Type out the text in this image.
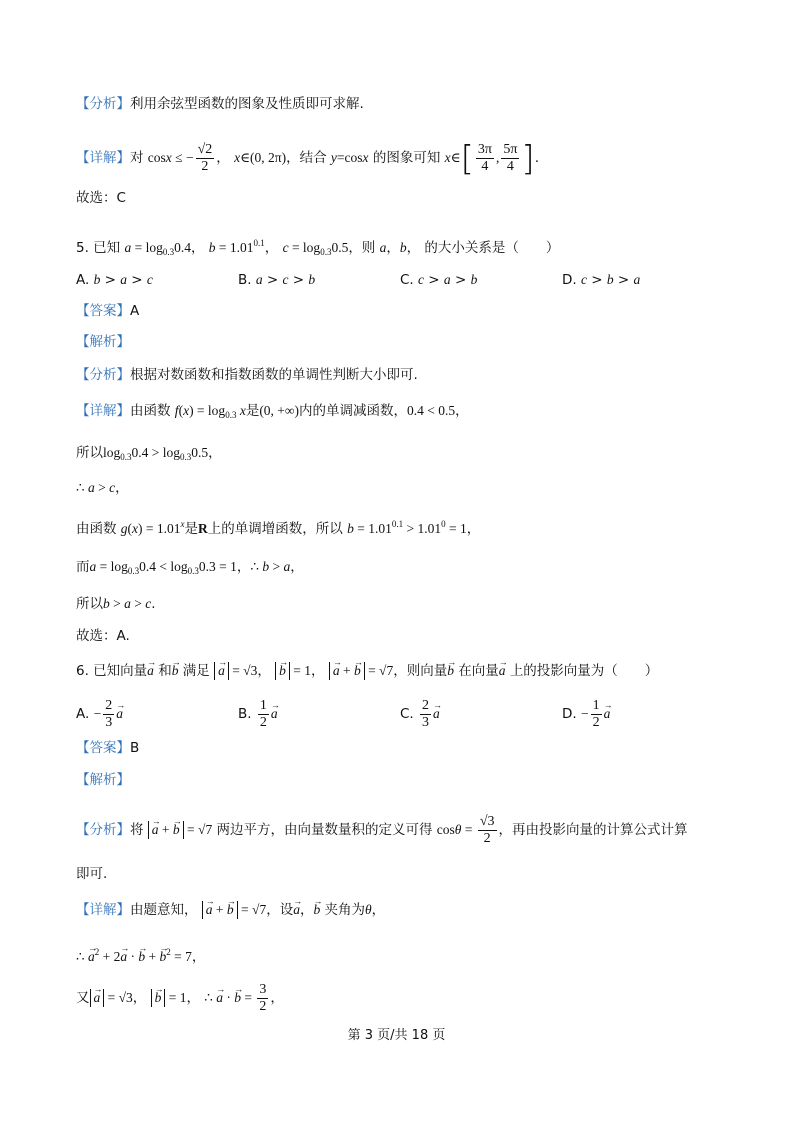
【分析】利用余弦型函数的图象及性质即可求解.
【详解】对 cosx ≤ − $\frac{√2}{2}$ ， x∈(0, 2π)，结合 y=cosx 的图象可知 x∈[ $\frac{3\pi}{4}$ , $\frac{5\pi}{4}$ ].
故选：C
5. 已知 $a = \log_{0.3}0.4$， $b = 1.01^{0.1}$， $c = \log_{0.3}0.5$，则 a，b， 的大小关系是（　　）
A. b > a > c	B. a > c > b	C. c > a > b	D. c > b > a
【答案】A
【解析】
【分析】根据对数函数和指数函数的单调性判断大小即可.
【详解】由函数 $f(x) = \log_{0.3} x$是(0, +∞)内的单调减函数，0.4 < 0.5，
所以$\log_{0.3}0.4 > \log_{0.3}0.5$，
∴ a > c，
由函数 $g(x) = 1.01^x$是R上的单调增函数，所以 $b = 1.01^{0.1} > 1.01^0 = 1$，
而$a = \log_{0.3}0.4 < \log_{0.3}0.3 = 1$，∴ b > a，
所以b > a > c.
故选：A.
6. 已知向量→ a 和→ b 满足 → a = √3， → b = 1， → a + → b = √7，则向量→ b 在向量→ a 上的投影向量为（　　）
A. − $\frac{2}{3}$
→ a	B. $\frac{1}{2}$
→ a	C. $\frac{2}{3}$
→ a	D. − $\frac{1}{2}$
→ a
【答案】B
【解析】
【分析】将 → a + → b = √7 两边平方，由向量数量积的定义可得 $\cos\theta = \frac{√3}{2}$ ，再由投影向量的计算公式计算
即可.
【详解】由题意知， → a + → b = √7，设→ a，→ b 夹角为θ，
∴ → $a^2 + 2\to a$ · → b + → $b^2 = 7$，
又→ a = √3， → b = 1， ∴ → a · → $b = \frac{3}{2}$ ，
第 3 页/共 18 页
